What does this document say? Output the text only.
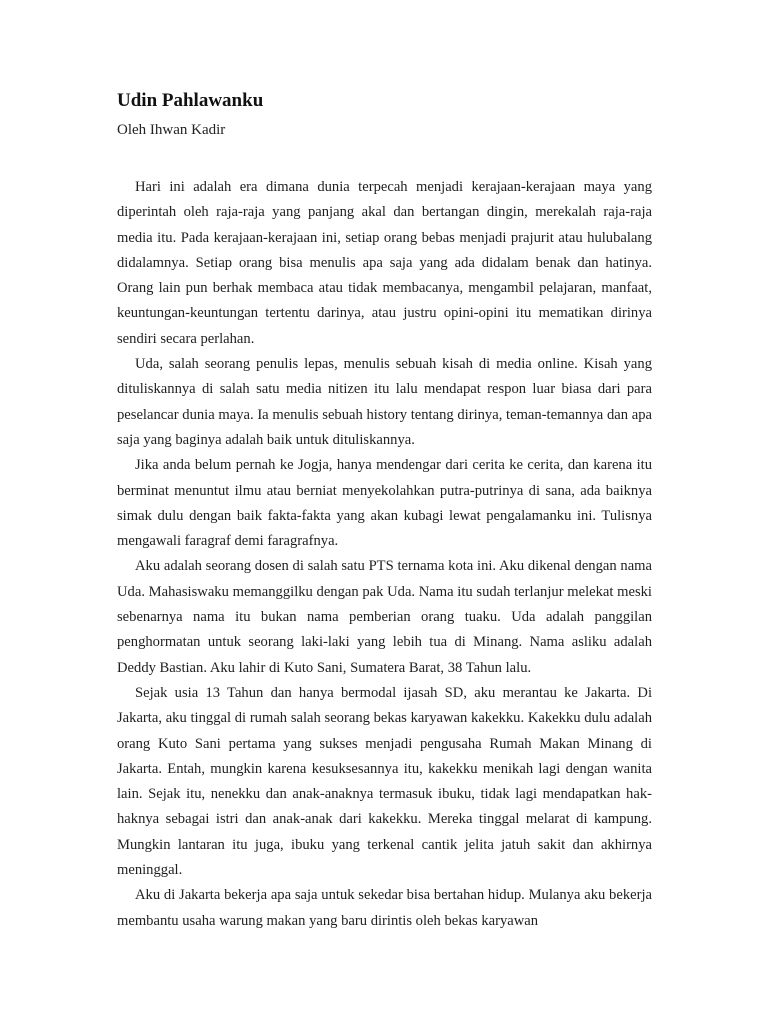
Udin Pahlawanku

Oleh Ihwan Kadir

Hari ini adalah era dimana dunia terpecah menjadi kerajaan-kerajaan maya yang diperintah oleh raja-raja yang panjang akal dan bertangan dingin, merekalah raja-raja media itu. Pada kerajaan-kerajaan ini, setiap orang bebas menjadi prajurit atau hulubalang didalamnya. Setiap orang bisa menulis apa saja yang ada didalam benak dan hatinya. Orang lain pun berhak membaca atau tidak membacanya, mengambil pelajaran, manfaat, keuntungan-keuntungan tertentu darinya, atau justru opini-opini itu mematikan dirinya sendiri secara perlahan.

Uda, salah seorang penulis lepas, menulis sebuah kisah di media online. Kisah yang dituliskannya di salah satu media nitizen itu lalu mendapat respon luar biasa dari para peselancar dunia maya. Ia menulis sebuah history tentang dirinya, teman-temannya dan apa saja yang baginya adalah baik untuk dituliskannya.

Jika anda belum pernah ke Jogja, hanya mendengar dari cerita ke cerita, dan karena itu berminat menuntut ilmu atau berniat menyekolahkan putra-putrinya di sana, ada baiknya simak dulu dengan baik fakta-fakta yang akan kubagi lewat pengalamanku ini. Tulisnya mengawali faragraf demi faragrafnya.

Aku adalah seorang dosen di salah satu PTS ternama kota ini. Aku dikenal dengan nama Uda. Mahasiswaku memanggilku dengan pak Uda. Nama itu sudah terlanjur melekat meski sebenarnya nama itu bukan nama pemberian orang tuaku. Uda adalah panggilan penghormatan untuk seorang laki-laki yang lebih tua di Minang. Nama asliku adalah Deddy Bastian. Aku lahir di Kuto Sani, Sumatera Barat, 38 Tahun lalu.

Sejak usia 13 Tahun dan hanya bermodal ijasah SD, aku merantau ke Jakarta. Di Jakarta, aku tinggal di rumah salah seorang bekas karyawan kakekku. Kakekku dulu adalah orang Kuto Sani pertama yang sukses menjadi pengusaha Rumah Makan Minang di Jakarta. Entah, mungkin karena kesuksesannya itu, kakekku menikah lagi dengan wanita lain. Sejak itu, nenekku dan anak-anaknya termasuk ibuku, tidak lagi mendapatkan hak-haknya sebagai istri dan anak-anak dari kakekku. Mereka tinggal melarat di kampung. Mungkin lantaran itu juga, ibuku yang terkenal cantik jelita jatuh sakit dan akhirnya meninggal.

Aku di Jakarta bekerja apa saja untuk sekedar bisa bertahan hidup. Mulanya aku bekerja membantu usaha warung makan yang baru dirintis oleh bekas karyawan
